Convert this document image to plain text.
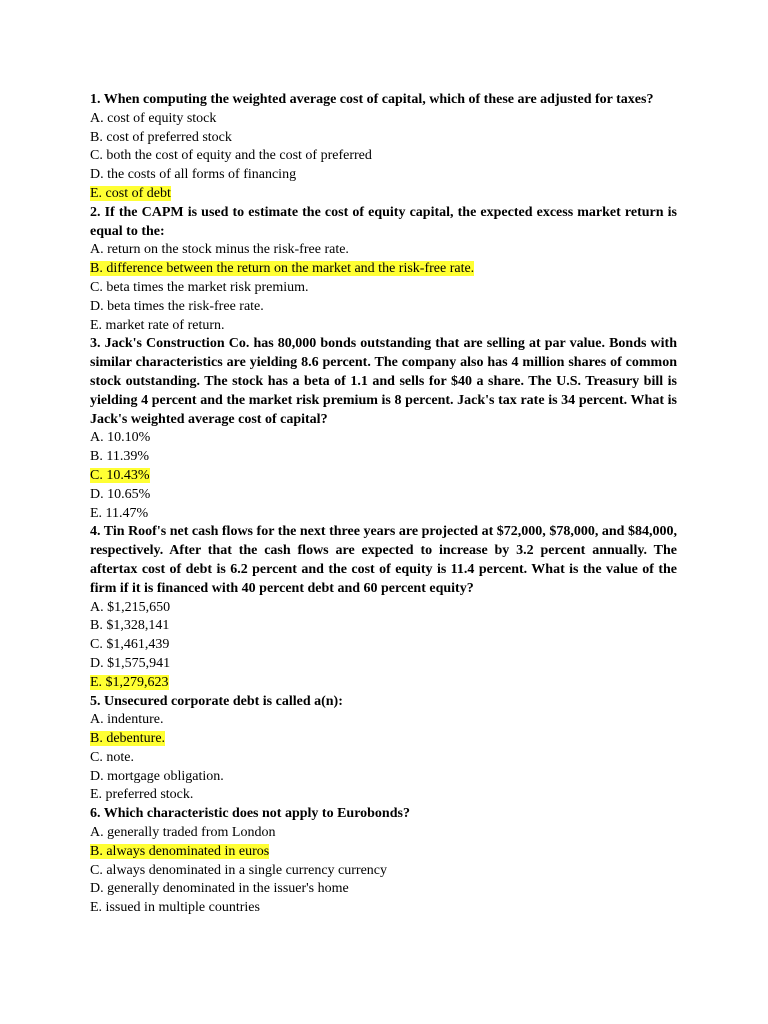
1. When computing the weighted average cost of capital, which of these are adjusted for taxes?
A. cost of equity stock
B. cost of preferred stock
C. both the cost of equity and the cost of preferred
D. the costs of all forms of financing
E. cost of debt
2. If the CAPM is used to estimate the cost of equity capital, the expected excess market return is equal to the:
A. return on the stock minus the risk-free rate.
B. difference between the return on the market and the risk-free rate.
C. beta times the market risk premium.
D. beta times the risk-free rate.
E. market rate of return.
3. Jack's Construction Co. has 80,000 bonds outstanding that are selling at par value. Bonds with similar characteristics are yielding 8.6 percent. The company also has 4 million shares of common stock outstanding. The stock has a beta of 1.1 and sells for $40 a share. The U.S. Treasury bill is yielding 4 percent and the market risk premium is 8 percent. Jack's tax rate is 34 percent. What is Jack's weighted average cost of capital?
A. 10.10%
B. 11.39%
C. 10.43%
D. 10.65%
E. 11.47%
4. Tin Roof's net cash flows for the next three years are projected at $72,000, $78,000, and $84,000, respectively. After that the cash flows are expected to increase by 3.2 percent annually. The aftertax cost of debt is 6.2 percent and the cost of equity is 11.4 percent. What is the value of the firm if it is financed with 40 percent debt and 60 percent equity?
A. $1,215,650
B. $1,328,141
C. $1,461,439
D. $1,575,941
E. $1,279,623
5. Unsecured corporate debt is called a(n):
A. indenture.
B. debenture.
C. note.
D. mortgage obligation.
E. preferred stock.
6. Which characteristic does not apply to Eurobonds?
A. generally traded from London
B. always denominated in euros
C. always denominated in a single currency currency
D. generally denominated in the issuer's home
E. issued in multiple countries
